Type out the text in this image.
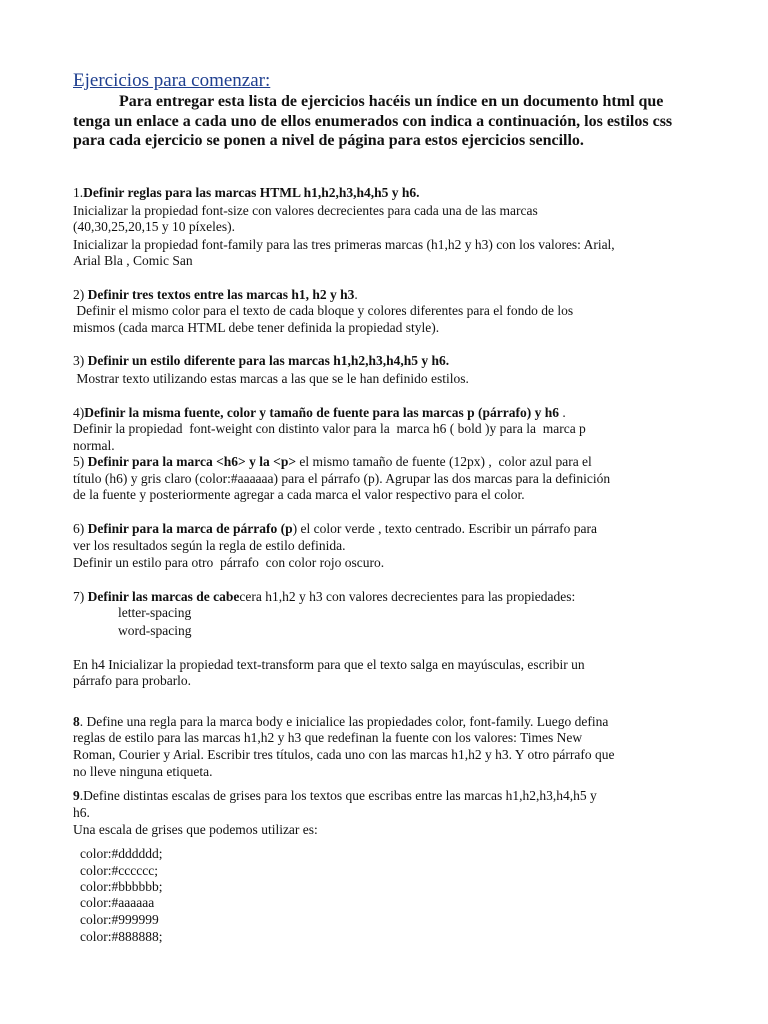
Ejercicios para comenzar:

Para entregar esta lista de ejercicios hacéis un índice en un documento html que tenga un enlace a cada uno de ellos enumerados con indica a continuación, los estilos css para cada ejercicio se ponen a nivel de página para estos ejercicios sencillo.

1.Definir reglas para las marcas HTML h1,h2,h3,h4,h5 y h6.

Inicializar la propiedad font-size con valores decrecientes para cada una de las marcas

(40,30,25,20,15 y 10 píxeles).

Inicializar la propiedad font-family para las tres primeras marcas (h1,h2 y h3) con los valores: Arial,

Arial Bla , Comic San

2) Definir tres textos entre las marcas h1, h2 y h3.

Definir el mismo color para el texto de cada bloque y colores diferentes para el fondo de los

mismos (cada marca HTML debe tener definida la propiedad style).

3) Definir un estilo diferente para las marcas h1,h2,h3,h4,h5 y h6.

Mostrar texto utilizando estas marcas a las que se le han definido estilos.

4)Definir la misma fuente, color y tamaño de fuente para las marcas p (párrafo) y h6 .

Definir la propiedad  font-weight con distinto valor para la  marca h6 ( bold )y para la  marca p

normal.

5) Definir para la marca <h6> y la <p> el mismo tamaño de fuente (12px) ,  color azul para el

título (h6) y gris claro (color:#aaaaaa) para el párrafo (p). Agrupar las dos marcas para la definición

de la fuente y posteriormente agregar a cada marca el valor respectivo para el color.

6) Definir para la marca de párrafo (p) el color verde , texto centrado. Escribir un párrafo para

ver los resultados según la regla de estilo definida.

Definir un estilo para otro  párrafo  con color rojo oscuro.

7) Definir las marcas de cabecera h1,h2 y h3 con valores decrecientes para las propiedades:

letter-spacing

word-spacing

En h4 Inicializar la propiedad text-transform para que el texto salga en mayúsculas, escribir un

párrafo para probarlo.

8. Define una regla para la marca body e inicialice las propiedades color, font-family. Luego defina

reglas de estilo para las marcas h1,h2 y h3 que redefinan la fuente con los valores: Times New

Roman, Courier y Arial. Escribir tres títulos, cada uno con las marcas h1,h2 y h3. Y otro párrafo que

no lleve ninguna etiqueta.

9.Define distintas escalas de grises para los textos que escribas entre las marcas h1,h2,h3,h4,h5 y

h6.

Una escala de grises que podemos utilizar es:

color:#dddddd;

color:#cccccc;

color:#bbbbbb;

color:#aaaaaa

color:#999999

color:#888888;
